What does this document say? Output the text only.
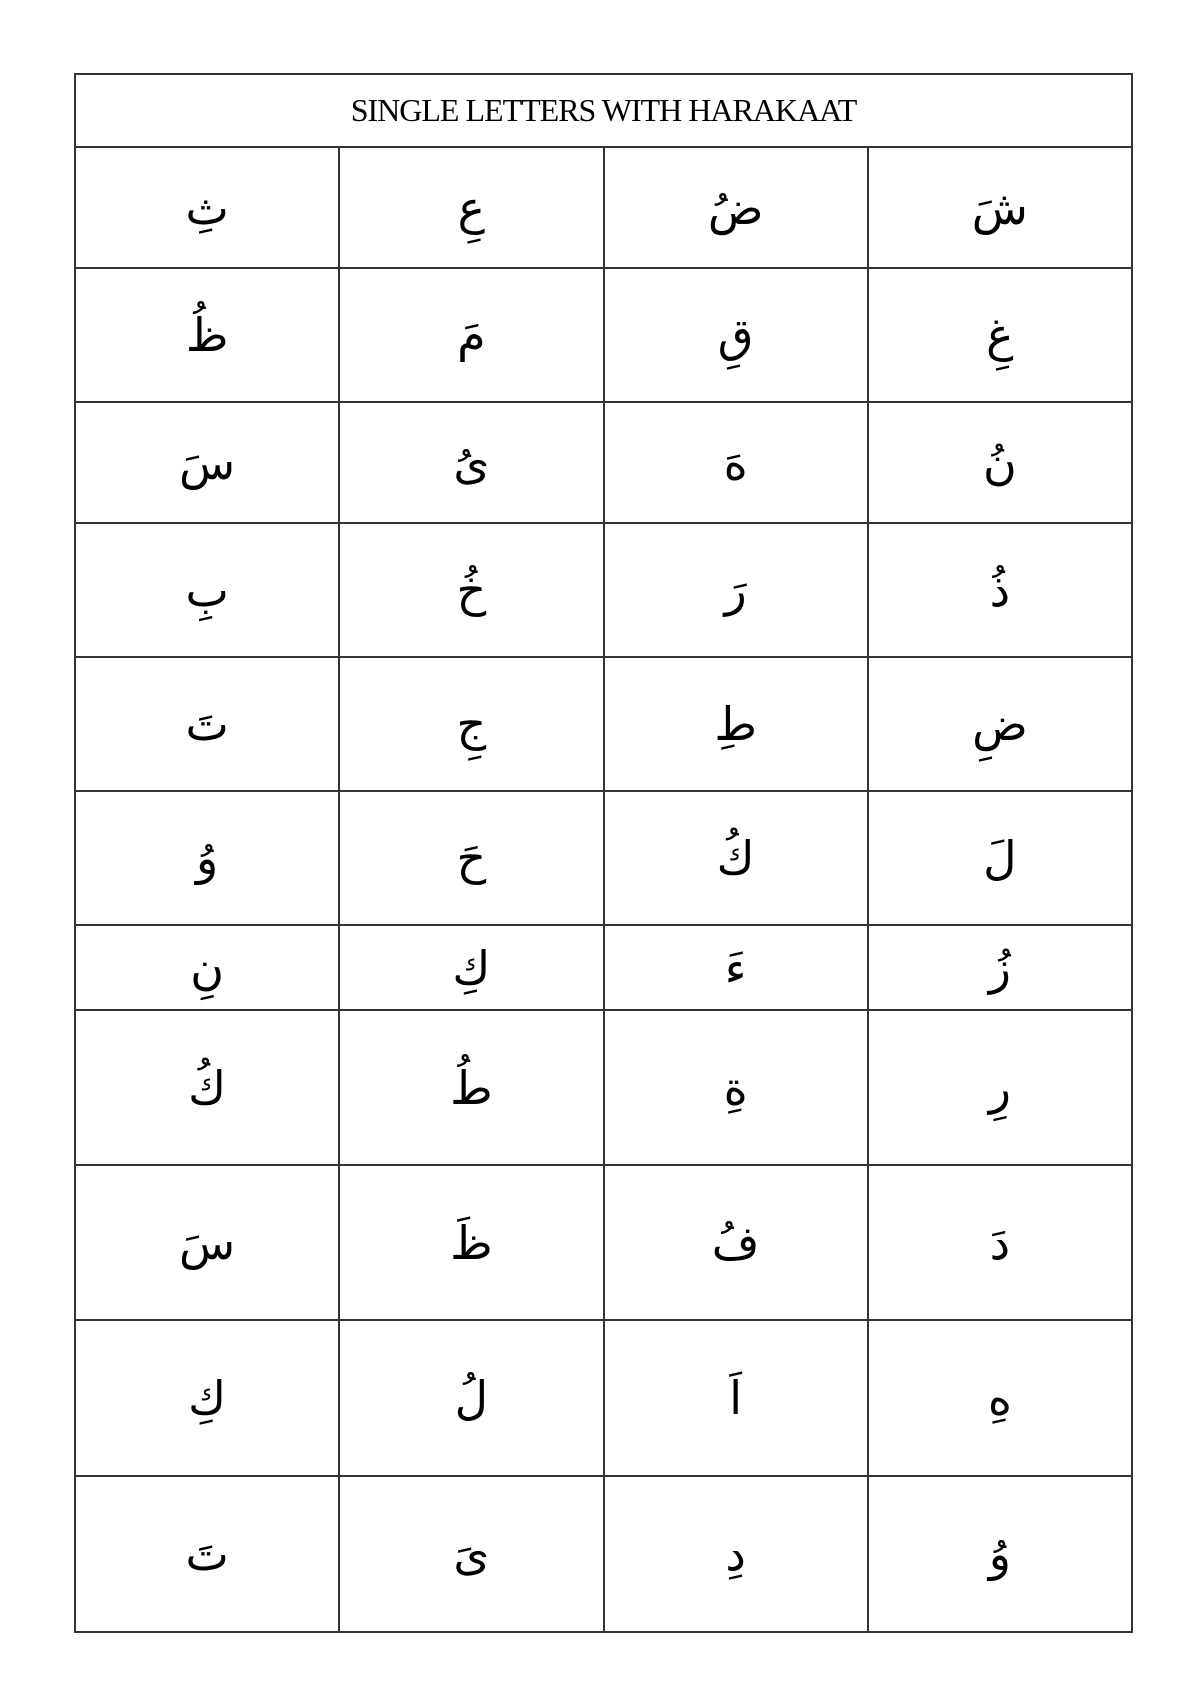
SINGLE LETTERS WITH HARAKAAT			
ثِ	عِ	ضُ	شَ
ظُ	مَ	قِ	غِ
سَ	ىُ	هَ	نُ
بِ	خُ	رَ	ذُ
تَ	جِ	طِ	ضِ
وُ	حَ	كُ	لَ
نِ	كِ	ءَ	زُ
كُ	طُ	ةِ	رِ
سَ	ظَ	فُ	دَ
كِ	لُ	اَ	هِ
تَ	ىَ	دِ	وُ
